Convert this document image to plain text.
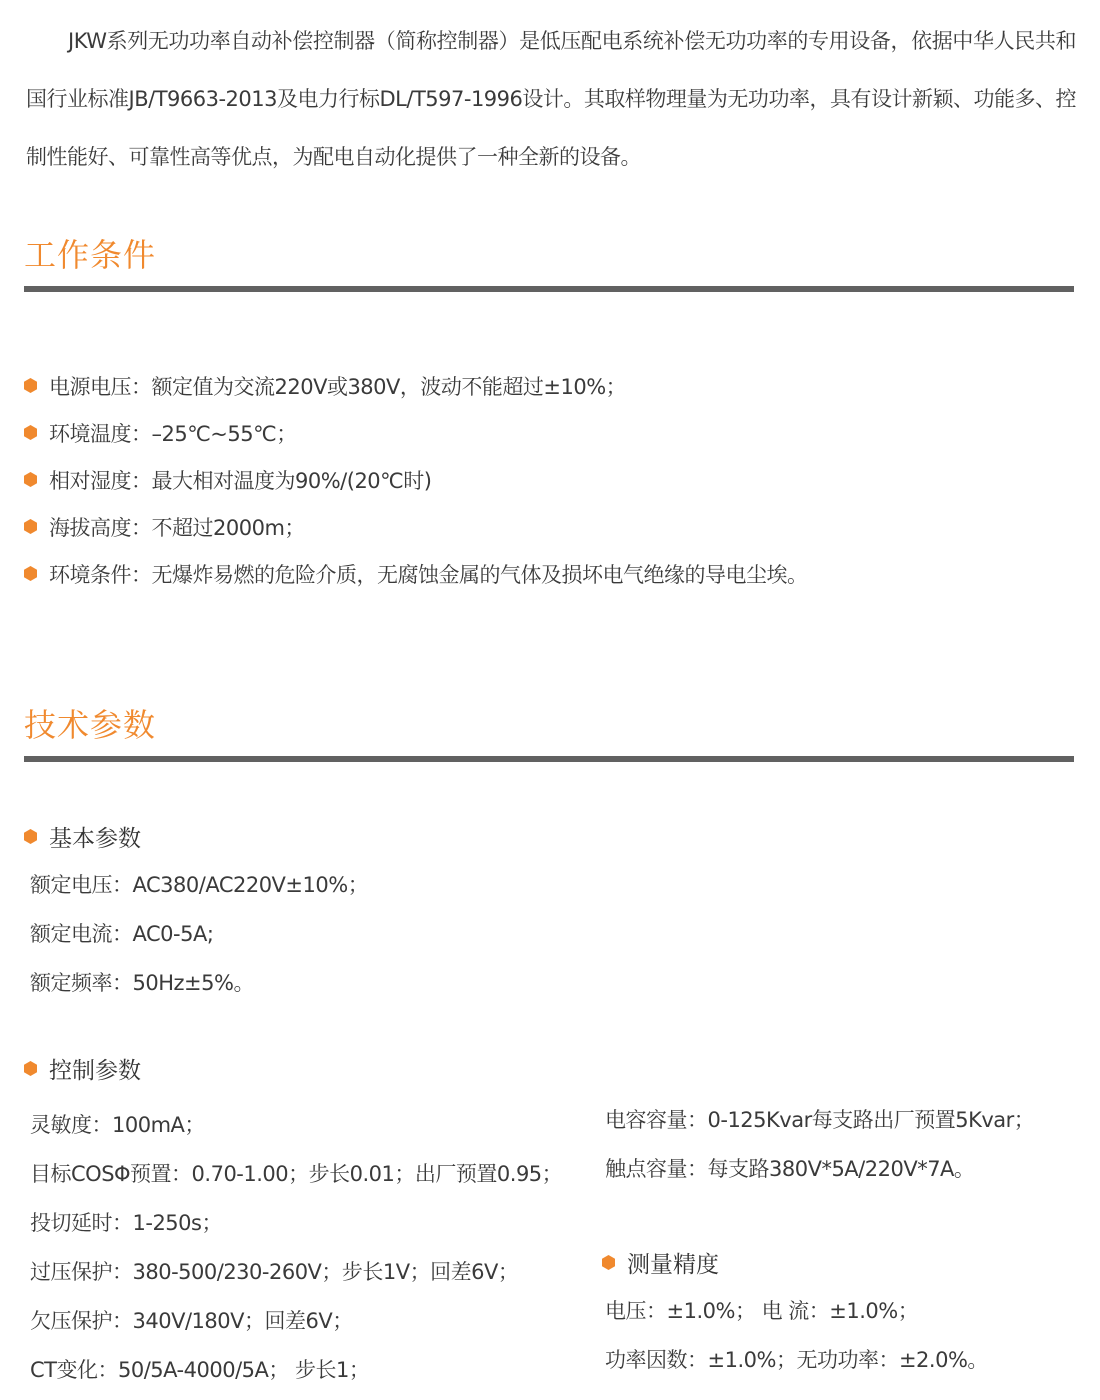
JKW系列无功功率自动补偿控制器（简称控制器）是低压配电系统补偿无功功率的专用设备，依据中华人民共和国行业标准JB/T9663-2013及电力行标DL/T597-1996设计。其取样物理量为无功功率，具有设计新颖、功能多、控制性能好、可靠性高等优点，为配电自动化提供了一种全新的设备。

工作条件
电源电压：额定值为交流220V或380V，波动不能超过±10%；
环境温度：–25℃~55℃；
相对湿度：最大相对温度为90%/(20℃时)
海拔高度：不超过2000m；
环境条件：无爆炸易燃的危险介质，无腐蚀金属的气体及损坏电气绝缘的导电尘埃。
技术参数
基本参数
额定电压：AC380/AC220V±10%；
额定电流：AC0-5A;
额定频率：50Hz±5%。
控制参数
灵敏度：100mA；
目标COSΦ预置：0.70-1.00；步长0.01；出厂预置0.95；
投切延时：1-250s；
过压保护：380-500/230-260V；步长1V；回差6V；
欠压保护：340V/180V；回差6V；
CT变化：50/5A-4000/5A； 步长1；
电容容量：0-125Kvar每支路出厂预置5Kvar；
触点容量：每支路380V*5A/220V*7A。
测量精度
电压：±1.0%； 电 流：±1.0%；
功率因数：±1.0%；无功功率：±2.0%。
